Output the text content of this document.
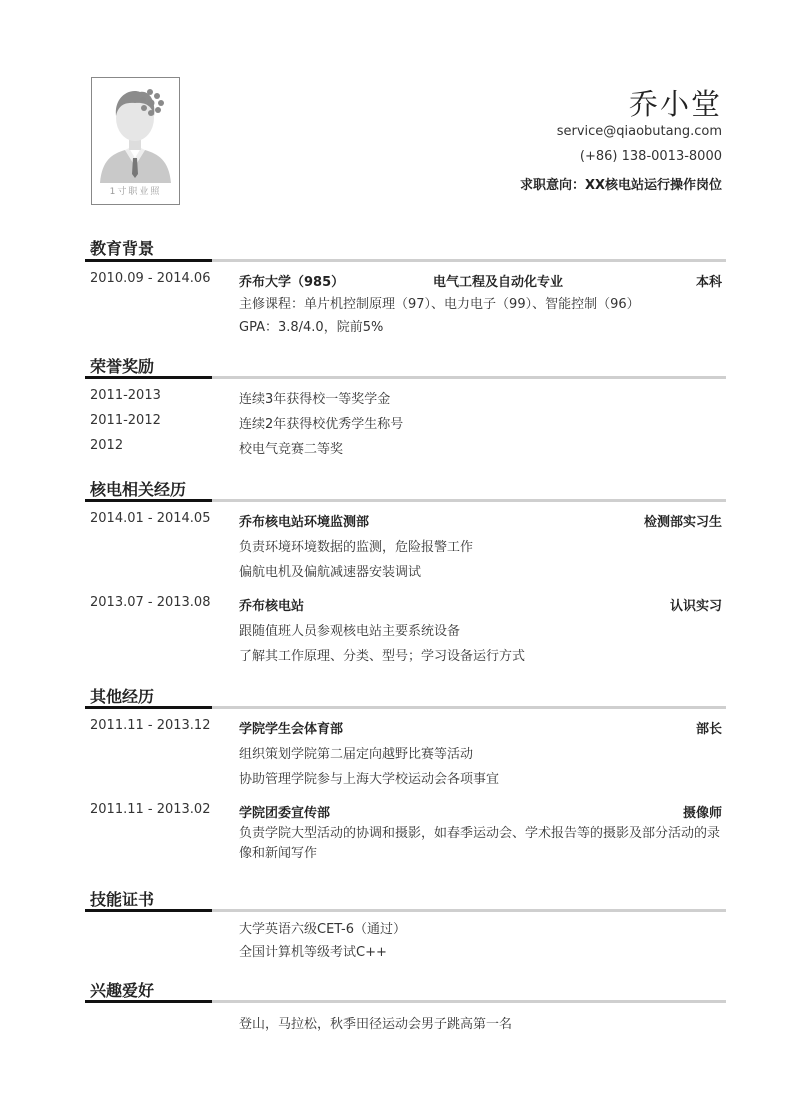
1寸职业照
乔小堂
service@qiaobutang.com
(+86) 138-0013-8000
求职意向：XX核电站运行操作岗位
教育背景
2010.09 - 2014.06 乔布大学（985）	电气工程及自动化专业	本科
主修课程：单片机控制原理（97）、电力电子（99）、智能控制（96）
GPA：3.8/4.0，院前5%
荣誉奖励
2011-2013	连续3年获得校一等奖学金
2011-2012	连续2年获得校优秀学生称号
2012	校电气竞赛二等奖
核电相关经历
2014.01 - 2014.05 乔布核电站环境监测部	检测部实习生
负责环境环境数据的监测，危险报警工作
偏航电机及偏航减速器安装调试
2013.07 - 2013.08 乔布核电站	认识实习
跟随值班人员参观核电站主要系统设备
了解其工作原理、分类、型号；学习设备运行方式
其他经历
2011.11 - 2013.12 学院学生会体育部	部长
组织策划学院第二届定向越野比赛等活动
协助管理学院参与上海大学校运动会各项事宜
2011.11 - 2013.02 学院团委宣传部	摄像师
负责学院大型活动的协调和摄影，如春季运动会、学术报告等的摄影及部分活动的录像和新闻写作
技能证书
大学英语六级CET-6（通过）
全国计算机等级考试C++
兴趣爱好
登山，马拉松，秋季田径运动会男子跳高第一名
